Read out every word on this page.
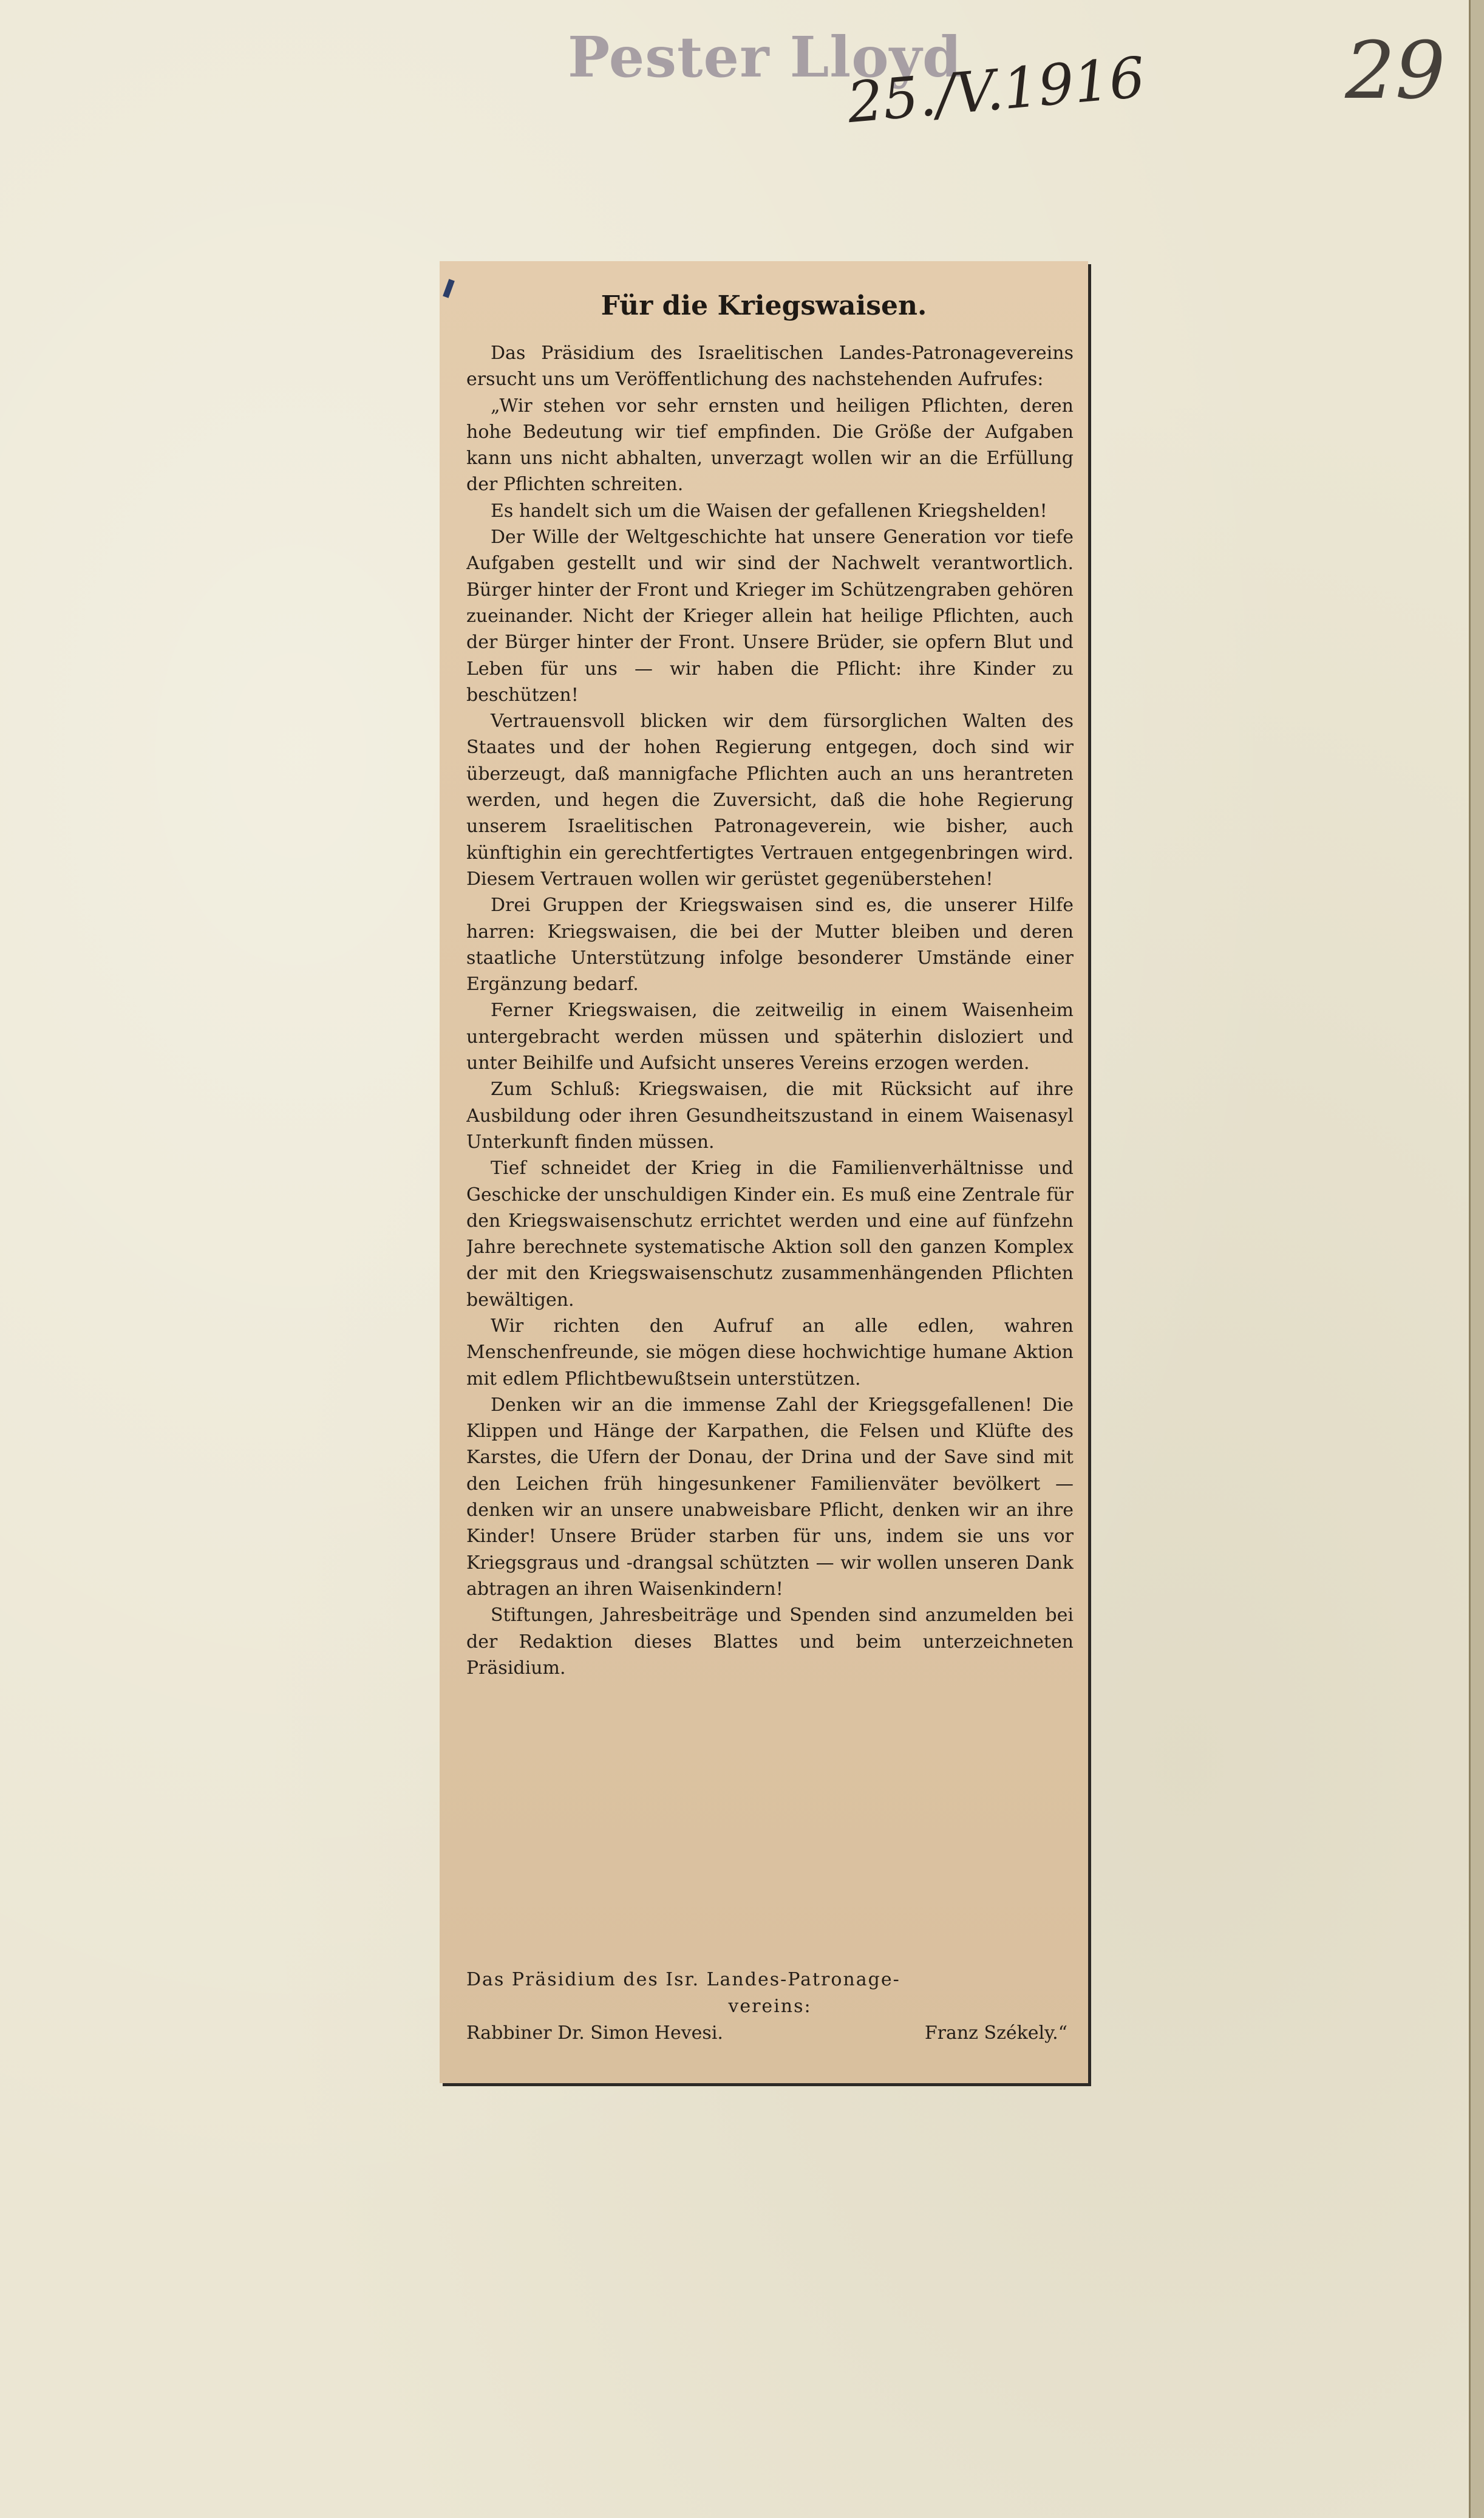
Pester Lloyd
25./V.1916	29
Für die Kriegswaisen.

Das Präsidium des Israelitischen Landes-Patronagevereins ersucht uns um Veröffentlichung des nachstehenden Aufrufes:

„Wir stehen vor sehr ernsten und heiligen Pflichten, deren hohe Bedeutung wir tief empfinden. Die Größe der Aufgaben kann uns nicht abhalten, unverzagt wollen wir an die Erfüllung der Pflichten schreiten.

Es handelt sich um die Waisen der gefallenen Kriegshelden!

Der Wille der Weltgeschichte hat unsere Generation vor tiefe Aufgaben gestellt und wir sind der Nachwelt verantwortlich. Bürger hinter der Front und Krieger im Schützengraben gehören zueinander. Nicht der Krieger allein hat heilige Pflichten, auch der Bürger hinter der Front. Unsere Brüder, sie opfern Blut und Leben für uns — wir haben die Pflicht: ihre Kinder zu beschützen!

Vertrauensvoll blicken wir dem fürsorglichen Walten des Staates und der hohen Regierung entgegen, doch sind wir überzeugt, daß mannigfache Pflichten auch an uns herantreten werden, und hegen die Zuversicht, daß die hohe Regierung unserem Israelitischen Patronageverein, wie bisher, auch künftighin ein gerechtfertigtes Vertrauen entgegenbringen wird. Diesem Vertrauen wollen wir gerüstet gegenüberstehen!

Drei Gruppen der Kriegswaisen sind es, die unserer Hilfe harren: Kriegswaisen, die bei der Mutter bleiben und deren staatliche Unterstützung infolge besonderer Umstände einer Ergänzung bedarf.

Ferner Kriegswaisen, die zeitweilig in einem Waisenheim untergebracht werden müssen und späterhin disloziert und unter Beihilfe und Aufsicht unseres Vereins erzogen werden.

Zum Schluß: Kriegswaisen, die mit Rücksicht auf ihre Ausbildung oder ihren Gesundheitszustand in einem Waisenasyl Unterkunft finden müssen.

Tief schneidet der Krieg in die Familienverhältnisse und Geschicke der unschuldigen Kinder ein. Es muß eine Zentrale für den Kriegswaisenschutz errichtet werden und eine auf fünfzehn Jahre berechnete systematische Aktion soll den ganzen Komplex der mit den Kriegswaisenschutz zusammenhängenden Pflichten bewältigen.

Wir richten den Aufruf an alle edlen, wahren Menschenfreunde, sie mögen diese hochwichtige humane Aktion mit edlem Pflichtbewußtsein unterstützen.

Denken wir an die immense Zahl der Kriegsgefallenen! Die Klippen und Hänge der Karpathen, die Felsen und Klüfte des Karstes, die Ufern der Donau, der Drina und der Save sind mit den Leichen früh hingesunkener Familienväter bevölkert — denken wir an unsere unabweisbare Pflicht, denken wir an ihre Kinder! Unsere Brüder starben für uns, indem sie uns vor Kriegsgraus und -drangsal schützten — wir wollen unseren Dank abtragen an ihren Waisenkindern!

Stiftungen, Jahresbeiträge und Spenden sind anzumelden bei der Redaktion dieses Blattes und beim unterzeichneten Präsidium.

Das Präsidium des Isr. Landes-Patronage-
vereins:
Rabbiner Dr. Simon Hevesi.	Franz Székely.“
